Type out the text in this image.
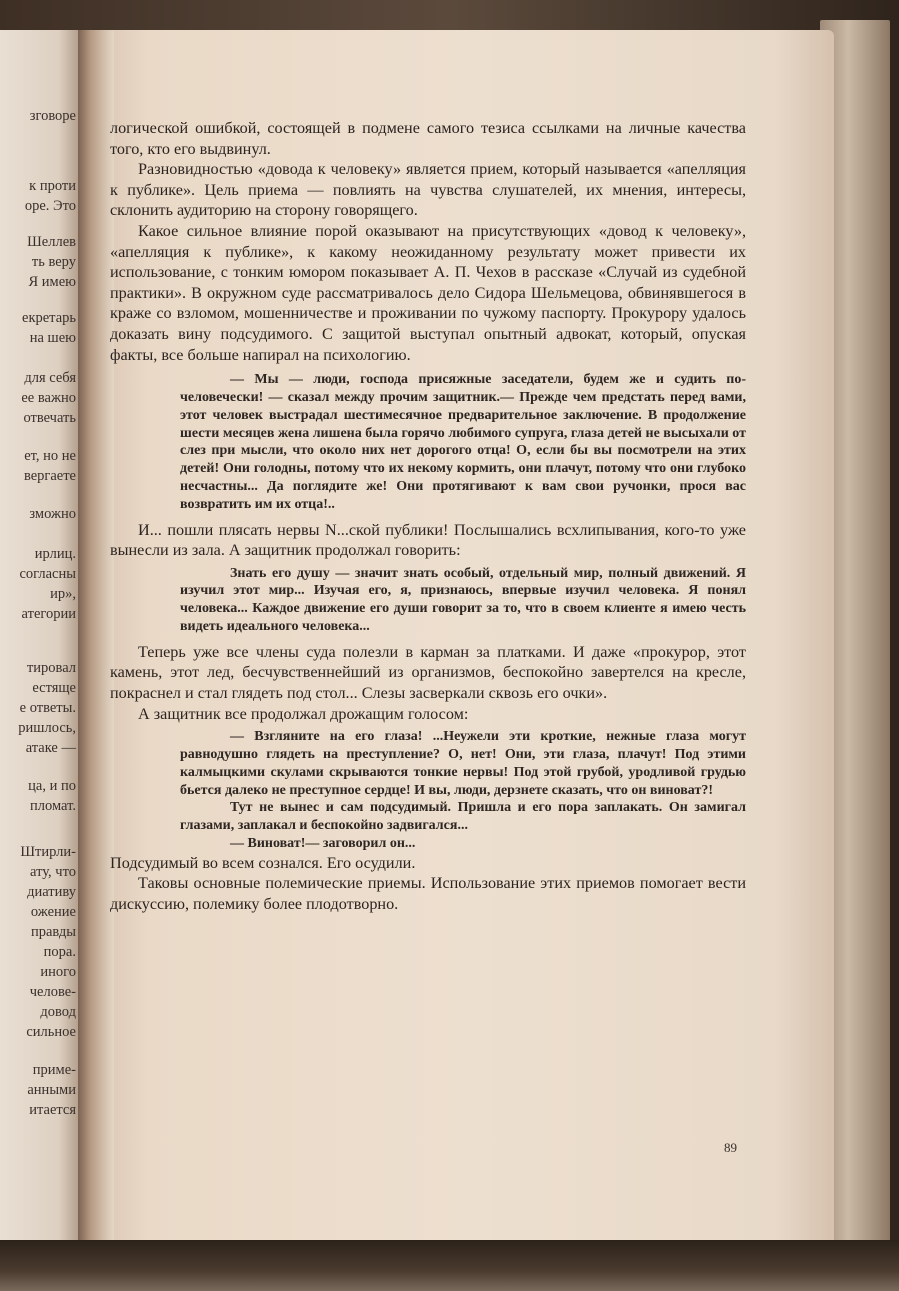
зговоре
к проти
оре. Это
Шеллев
ть веру
Я имею
екретарь
на шею
для себя
ее важно
отвечать
ет, но не
вергаете
зможно
ирлиц.
согласны
ир»,
атегории
тировал
естяще
е ответы.
ришлось,
атаке —
ца, и по
пломат.
Штирли-
ату, что
диативу
ожение
правды
пора.
иного
челове-
довод
сильное
приме-
анными
итается

логической ошибкой, состоящей в подмене самого тезиса ссылками на личные качества того, кто его выдвинул.

Разновидностью «довода к человеку» является прием, который называется «апелляция к публике». Цель приема — повлиять на чувства слушателей, их мнения, интересы, склонить аудиторию на сторону говорящего.

Какое сильное влияние порой оказывают на присутствующих «довод к человеку», «апелляция к публике», к какому неожиданному результату может привести их использование, с тонким юмором показывает А. П. Чехов в рассказе «Случай из судебной практики». В окружном суде рассматривалось дело Сидора Шельмецова, обвинявшегося в краже со взломом, мошенничестве и проживании по чужому паспорту. Прокурору удалось доказать вину подсудимого. С защитой выступал опытный адвокат, который, опуская факты, все больше напирал на психологию.

— Мы — люди, господа присяжные заседатели, будем же и судить по-человечески! — сказал между прочим защитник.— Прежде чем предстать перед вами, этот человек выстрадал шестимесячное предварительное заключение. В продолжение шести месяцев жена лишена была горячо любимого супруга, глаза детей не высыхали от слез при мысли, что около них нет дорогого отца! О, если бы вы посмотрели на этих детей! Они голодны, потому что их некому кормить, они плачут, потому что они глубоко несчастны... Да поглядите же! Они протягивают к вам свои ручонки, прося вас возвратить им их отца!..

И... пошли плясать нервы N...ской публики! Послышались всхлипывания, кого-то уже вынесли из зала. А защитник продолжал говорить:

Знать его душу — значит знать особый, отдельный мир, полный движений. Я изучил этот мир... Изучая его, я, признаюсь, впервые изучил человека. Я понял человека... Каждое движение его души говорит за то, что в своем клиенте я имею честь видеть идеального человека...

Теперь уже все члены суда полезли в карман за платками. И даже «прокурор, этот камень, этот лед, бесчувственнейший из организмов, беспокойно завертелся на кресле, покраснел и стал глядеть под стол... Слезы засверкали сквозь его очки».

А защитник все продолжал дрожащим голосом:

— Взгляните на его глаза! ...Неужели эти кроткие, нежные глаза могут равнодушно глядеть на преступление? О, нет! Они, эти глаза, плачут! Под этими калмыцкими скулами скрываются тонкие нервы! Под этой грубой, уродливой грудью бьется далеко не преступное сердце! И вы, люди, дерзнете сказать, что он виноват?!

Тут не вынес и сам подсудимый. Пришла и его пора заплакать. Он замигал глазами, заплакал и беспокойно задвигался...

— Виноват!— заговорил он...

Подсудимый во всем сознался. Его осудили.

Таковы основные полемические приемы. Использование этих приемов помогает вести дискуссию, полемику более плодотворно.

89
